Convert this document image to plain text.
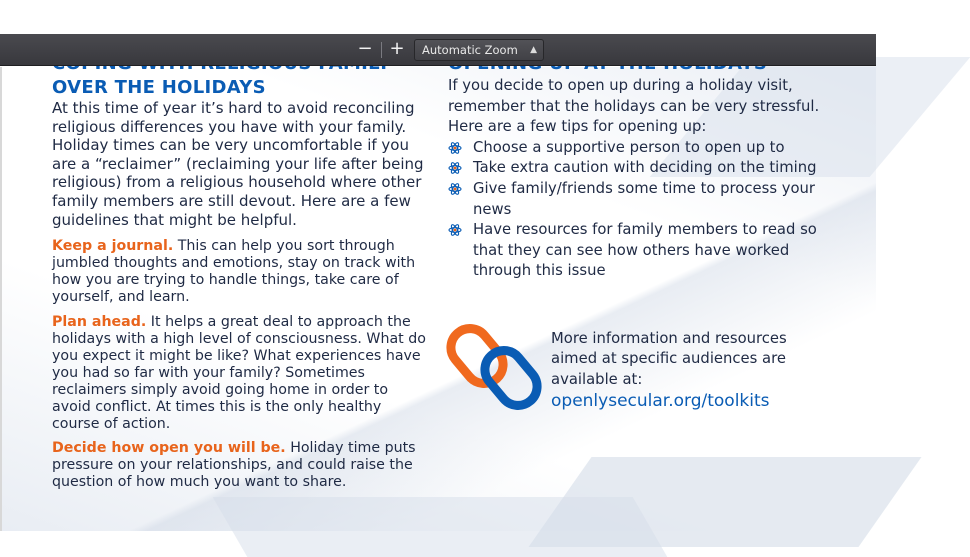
− +	Automatic Zoom ▲

OVER THE HOLIDAYS

At this time of year it’s hard to avoid reconciling religious differences you have with your family. Holiday times can be very uncomfortable if you are a “reclaimer” (reclaiming your life after being religious) from a religious household where other family members are still devout. Here are a few guidelines that might be helpful.

Keep a journal. This can help you sort through jumbled thoughts and emotions, stay on track with how you are trying to handle things, take care of yourself, and learn.

Plan ahead. It helps a great deal to approach the holidays with a high level of consciousness. What do you expect it might be like? What experiences have you had so far with your family? Sometimes reclaimers simply avoid going home in order to avoid conflict. At times this is the only healthy course of action.

Decide how open you will be. Holiday time puts pressure on your relationships, and could raise the question of how much you want to share.

If you decide to open up during a holiday visit, remember that the holidays can be very stressful. Here are a few tips for opening up:

Choose a supportive person to open up to
Take extra caution with deciding on the timing
Give family/friends some time to process your news
Have resources for family members to read so that they can see how others have worked through this issue
More information and resources aimed at specific audiences are available at:
openlysecular.org/toolkits
